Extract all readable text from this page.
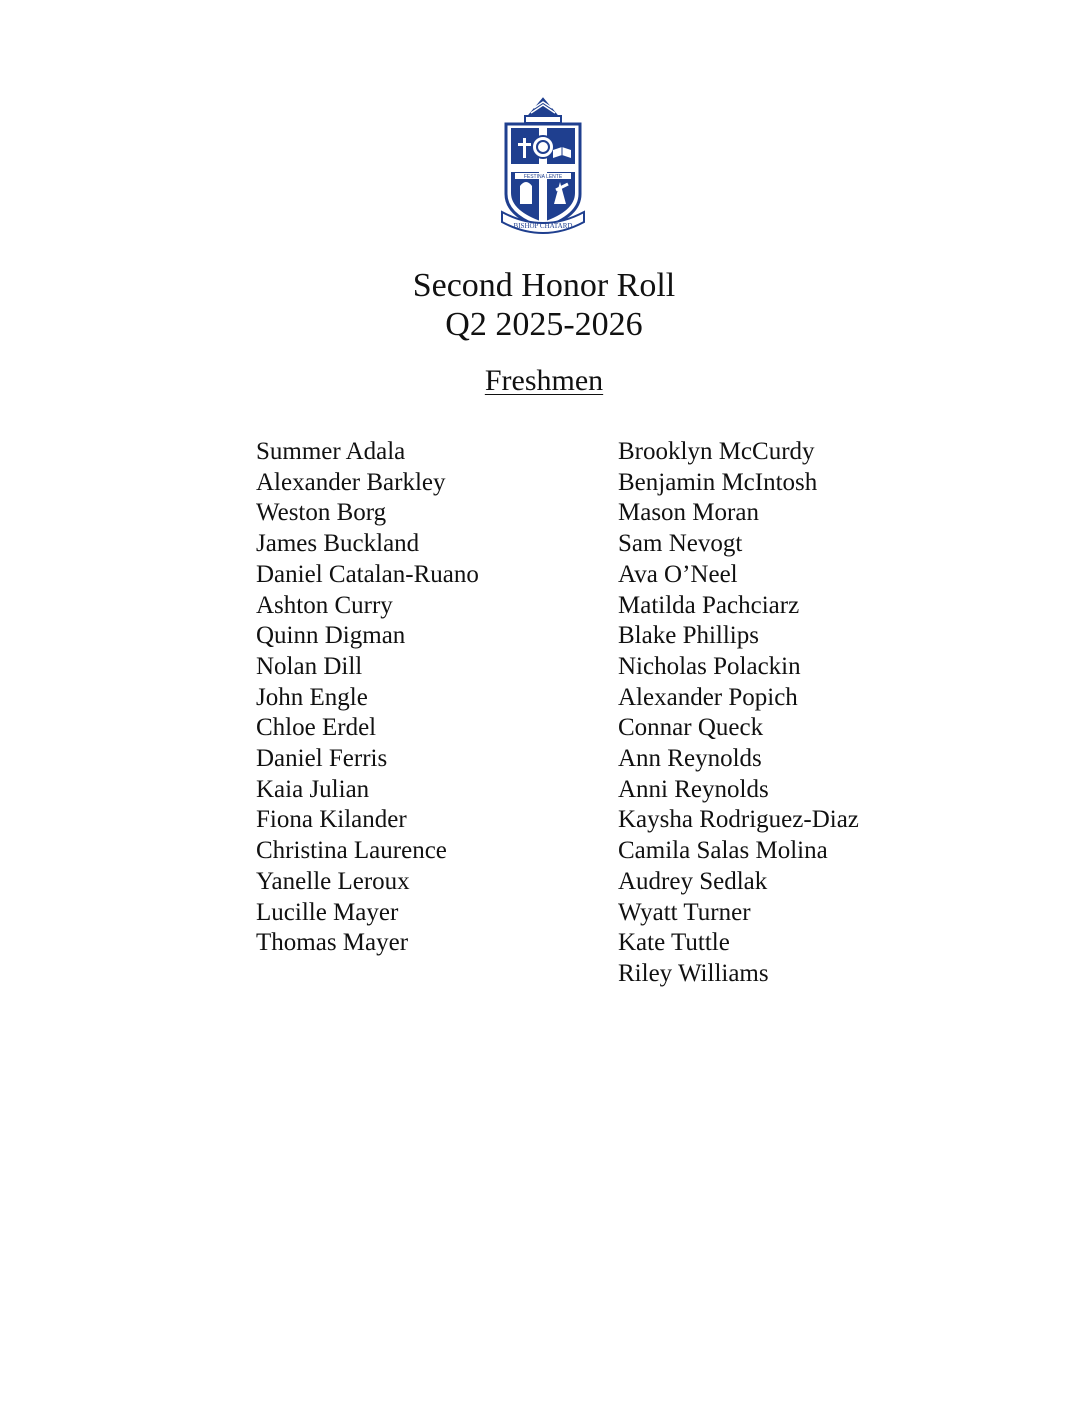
FESTINA LENTE
BISHOP CHATARD

Second Honor Roll

Q2 2025-2026

Freshmen
Summer Adala
Alexander Barkley
Weston Borg
James Buckland
Daniel Catalan-Ruano
Ashton Curry
Quinn Digman
Nolan Dill
John Engle
Chloe Erdel
Daniel Ferris
Kaia Julian
Fiona Kilander
Christina Laurence
Yanelle Leroux
Lucille Mayer
Thomas Mayer
Brooklyn McCurdy
Benjamin McIntosh
Mason Moran
Sam Nevogt
Ava O’Neel
Matilda Pachciarz
Blake Phillips
Nicholas Polackin
Alexander Popich
Connar Queck
Ann Reynolds
Anni Reynolds
Kaysha Rodriguez-Diaz
Camila Salas Molina
Audrey Sedlak
Wyatt Turner
Kate Tuttle
Riley Williams
